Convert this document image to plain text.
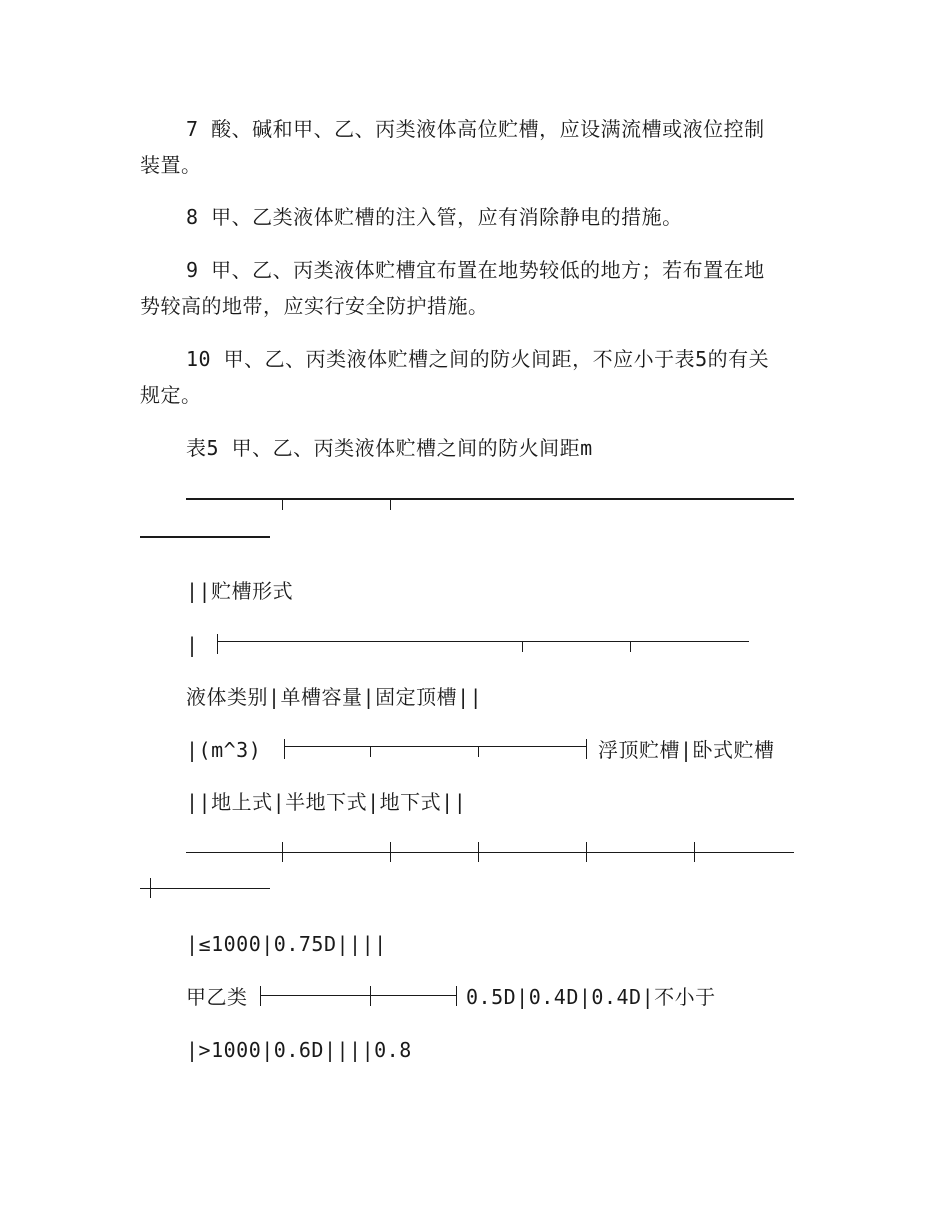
7 酸、碱和甲、乙、丙类液体高位贮槽，应设满流槽或液位控制
装置。
8 甲、乙类液体贮槽的注入管，应有消除静电的措施。
9 甲、乙、丙类液体贮槽宜布置在地势较低的地方；若布置在地
势较高的地带，应实行安全防护措施。
10 甲、乙、丙类液体贮槽之间的防火间距，不应小于表5的有关
规定。
表5 甲、乙、丙类液体贮槽之间的防火间距m
||贮槽形式
|
液体类别|单槽容量|固定顶槽||
|(m^3)	浮顶贮槽|卧式贮槽
||地上式|半地下式|地下式||
|≤1000|0.75D||||
甲乙类	0.5D|0.4D|0.4D|不小于
|>1000|0.6D||||0.8
